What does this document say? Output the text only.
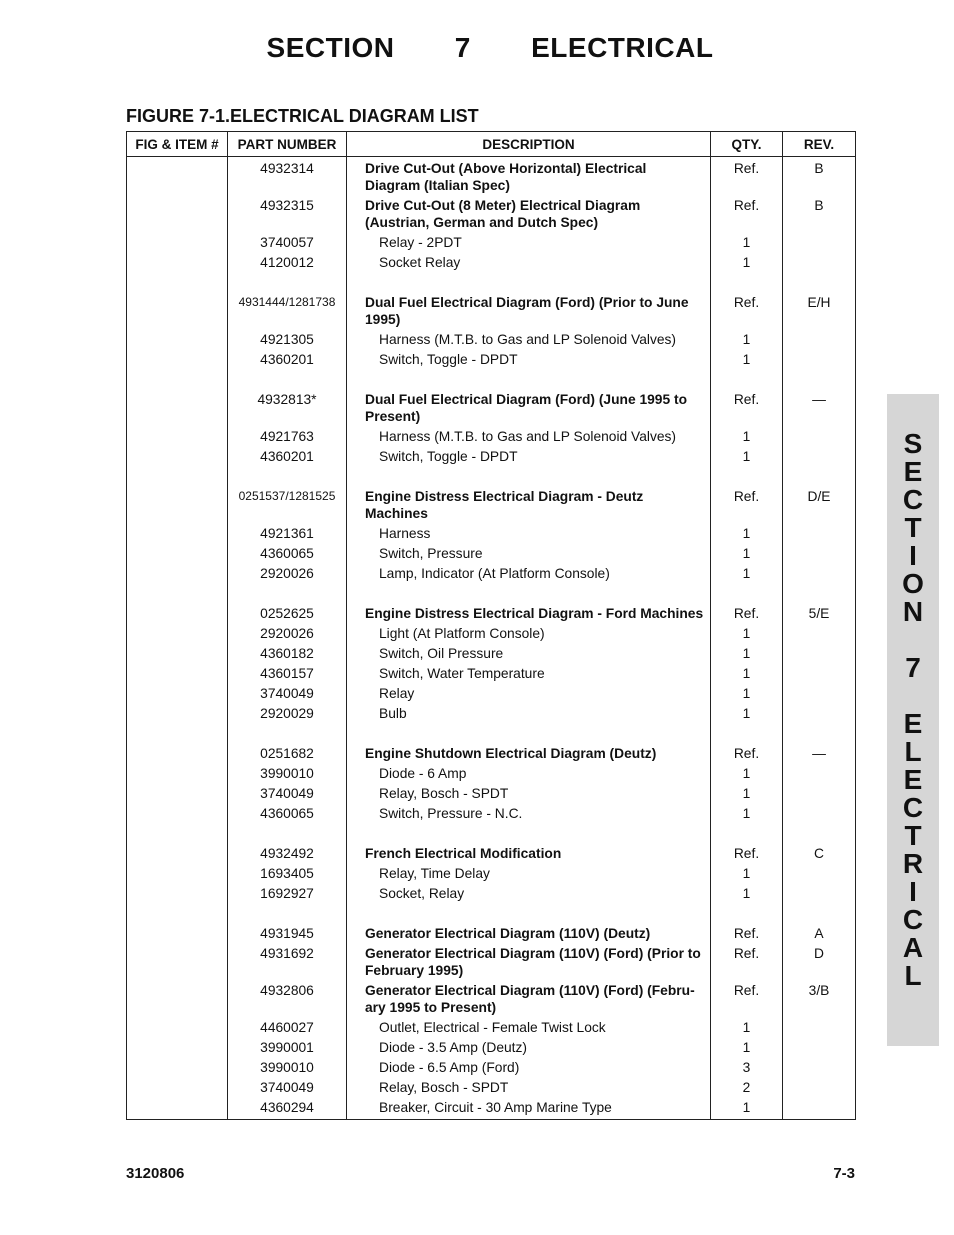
SECTION 7 ELECTRICAL
FIGURE 7-1.ELECTRICAL DIAGRAM LIST
FIG & ITEM #	PART NUMBER	DESCRIPTION	QTY.	REV.
	4932314	Drive Cut-Out (Above Horizontal) Electrical Diagram (Italian Spec)	Ref.	B
	4932315	Drive Cut-Out (8 Meter) Electrical Diagram (Austrian, German and Dutch Spec)	Ref.	B
	3740057	Relay - 2PDT	1	
	4120012	Socket Relay	1	
	4931444/1281738	Dual Fuel Electrical Diagram (Ford) (Prior to June 1995)	Ref.	E/H
	4921305	Harness (M.T.B. to Gas and LP Solenoid Valves)	1	
	4360201	Switch, Toggle - DPDT	1	
	4932813*	Dual Fuel Electrical Diagram (Ford) (June 1995 to Present)	Ref.	—
	4921763	Harness (M.T.B. to Gas and LP Solenoid Valves)	1	
	4360201	Switch, Toggle - DPDT	1	
	0251537/1281525	Engine Distress Electrical Diagram - Deutz Machines	Ref.	D/E
	4921361	Harness	1	
	4360065	Switch, Pressure	1	
	2920026	Lamp, Indicator (At Platform Console)	1	
	0252625	Engine Distress Electrical Diagram - Ford Machines	Ref.	5/E
	2920026	Light (At Platform Console)	1	
	4360182	Switch, Oil Pressure	1	
	4360157	Switch, Water Temperature	1	
	3740049	Relay	1	
	2920029	Bulb	1	
	0251682	Engine Shutdown Electrical Diagram (Deutz)	Ref.	—
	3990010	Diode - 6 Amp	1	
	3740049	Relay, Bosch - SPDT	1	
	4360065	Switch, Pressure - N.C.	1	
	4932492	French Electrical Modification	Ref.	C
	1693405	Relay, Time Delay	1	
	1692927	Socket, Relay	1	
	4931945	Generator Electrical Diagram (110V) (Deutz)	Ref.	A
	4931692	Generator Electrical Diagram (110V) (Ford) (Prior to February 1995)	Ref.	D
	4932806	Generator Electrical Diagram (110V) (Ford) (Febru-ary 1995 to Present)	Ref.	3/B
	4460027	Outlet, Electrical - Female Twist Lock	1	
	3990001	Diode - 3.5 Amp (Deutz)	1	
	3990010	Diode - 6.5 Amp (Ford)	3	
	3740049	Relay, Bosch - SPDT	2	
	4360294	Breaker, Circuit - 30 Amp Marine Type	1	

S
E
C
T
I
O
N

7

E
L
E
C
T
R
I
C
A
L

3120806	7-3
